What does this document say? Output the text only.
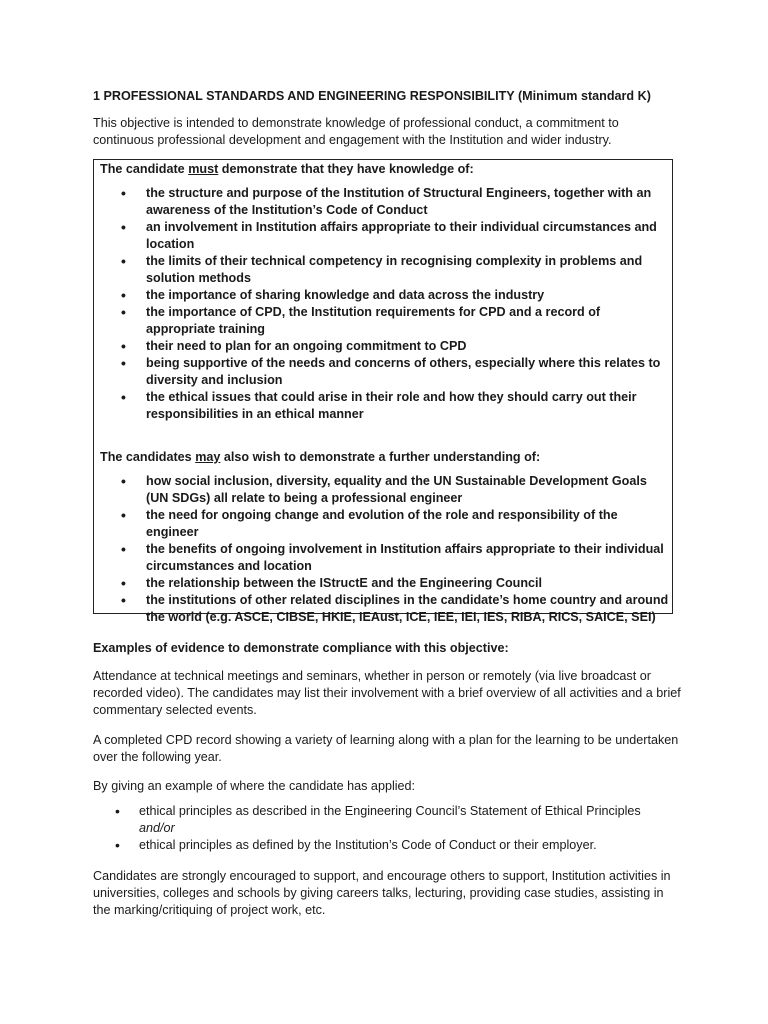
1 PROFESSIONAL STANDARDS AND ENGINEERING RESPONSIBILITY (Minimum standard K)
This objective is intended to demonstrate knowledge of professional conduct, a commitment to continuous professional development and engagement with the Institution and wider industry.
The candidate must demonstrate that they have knowledge of:
• the structure and purpose of the Institution of Structural Engineers, together with an awareness of the Institution’s Code of Conduct
• an involvement in Institution affairs appropriate to their individual circumstances and location
• the limits of their technical competency in recognising complexity in problems and solution methods
• the importance of sharing knowledge and data across the industry
• the importance of CPD, the Institution requirements for CPD and a record of appropriate training
• their need to plan for an ongoing commitment to CPD
• being supportive of the needs and concerns of others, especially where this relates to diversity and inclusion
• the ethical issues that could arise in their role and how they should carry out their responsibilities in an ethical manner
The candidates may also wish to demonstrate a further understanding of:
• how social inclusion, diversity, equality and the UN Sustainable Development Goals (UN SDGs) all relate to being a professional engineer
• the need for ongoing change and evolution of the role and responsibility of the engineer
• the benefits of ongoing involvement in Institution affairs appropriate to their individual circumstances and location
• the relationship between the IStructE and the Engineering Council
• the institutions of other related disciplines in the candidate’s home country and around the world (e.g. ASCE, CIBSE, HKIE, IEAust, ICE, IEE, IEI, IES, RIBA, RICS, SAICE, SEI)
Examples of evidence to demonstrate compliance with this objective:
Attendance at technical meetings and seminars, whether in person or remotely (via live broadcast or recorded video). The candidates may list their involvement with a brief overview of all activities and a brief commentary selected events.
A completed CPD record showing a variety of learning along with a plan for the learning to be undertaken over the following year.
By giving an example of where the candidate has applied:
• ethical principles as described in the Engineering Council’s Statement of Ethical Principles
and/or
• ethical principles as defined by the Institution’s Code of Conduct or their employer.
Candidates are strongly encouraged to support, and encourage others to support, Institution activities in universities, colleges and schools by giving careers talks, lecturing, providing case studies, assisting in the marking/critiquing of project work, etc.
